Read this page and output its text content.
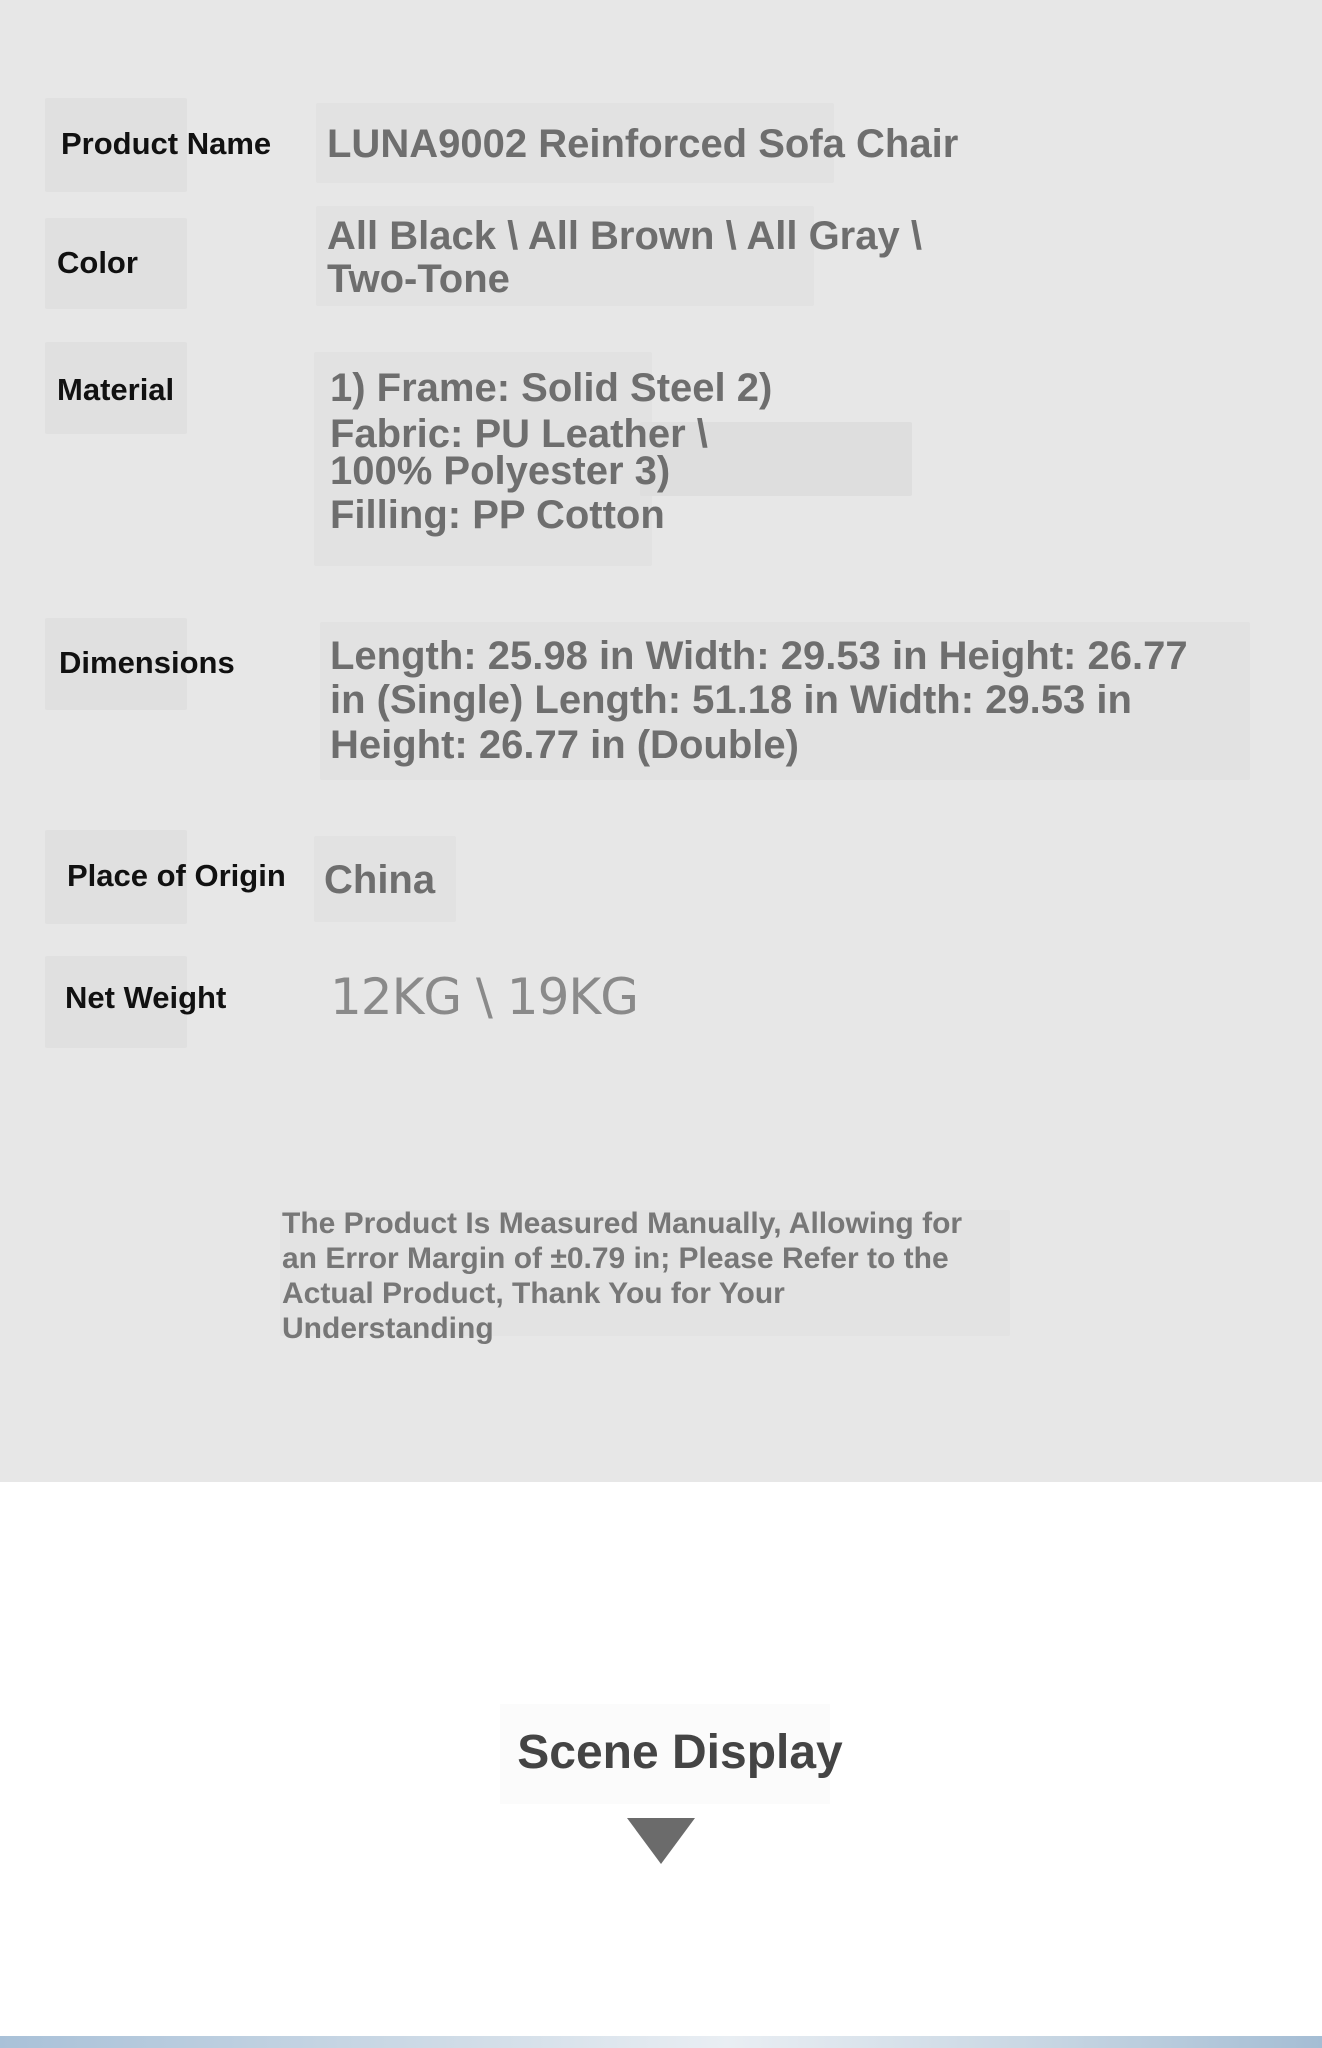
Product Name LUNA9002 Reinforced Sofa Chair
Color
All Black \ All Brown \ All Gray \
Two-Tone
Material	1) Frame: Solid Steel 2)
Fabric: PU Leather \
100% Polyester 3)
Filling: PP Cotton
Dimensions Length: 25.98 in Width: 29.53 in Height: 26.77
in (Single) Length: 51.18 in Width: 29.53 in
Height: 26.77 in (Double)
Place of Origin China
Net Weight 12KG \ 19KG
The Product Is Measured Manually, Allowing for
an Error Margin of ±0.79 in; Please Refer to the
Actual Product, Thank You for Your
Understanding
Scene Display
